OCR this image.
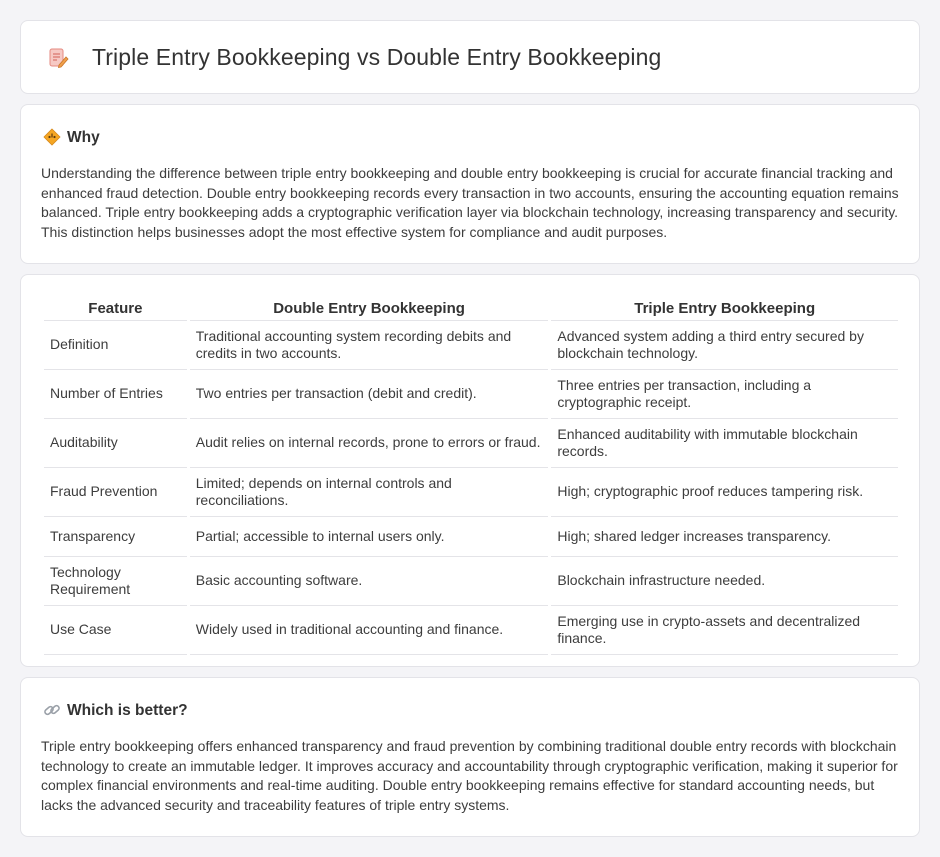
Triple Entry Bookkeeping vs Double Entry Bookkeeping
Why

Understanding the difference between triple entry bookkeeping and double entry bookkeeping is crucial for accurate financial tracking and enhanced fraud detection. Double entry bookkeeping records every transaction in two accounts, ensuring the accounting equation remains balanced. Triple entry bookkeeping adds a cryptographic verification layer via blockchain technology, increasing transparency and security. This distinction helps businesses adopt the most effective system for compliance and audit purposes.

Feature	Double Entry Bookkeeping	Triple Entry Bookkeeping
Definition	Traditional accounting system recording debits and credits in two accounts.	Advanced system adding a third entry secured by blockchain technology.
Number of Entries	Two entries per transaction (debit and credit).	Three entries per transaction, including a cryptographic receipt.
Auditability	Audit relies on internal records, prone to errors or fraud.	Enhanced auditability with immutable blockchain records.
Fraud Prevention	Limited; depends on internal controls and reconciliations.	High; cryptographic proof reduces tampering risk.
Transparency	Partial; accessible to internal users only.	High; shared ledger increases transparency.
Technology Requirement	Basic accounting software.	Blockchain infrastructure needed.
Use Case	Widely used in traditional accounting and finance.	Emerging use in crypto-assets and decentralized finance.
Which is better?

Triple entry bookkeeping offers enhanced transparency and fraud prevention by combining traditional double entry records with blockchain technology to create an immutable ledger. It improves accuracy and accountability through cryptographic verification, making it superior for complex financial environments and real-time auditing. Double entry bookkeeping remains effective for standard accounting needs, but lacks the advanced security and traceability features of triple entry systems.
